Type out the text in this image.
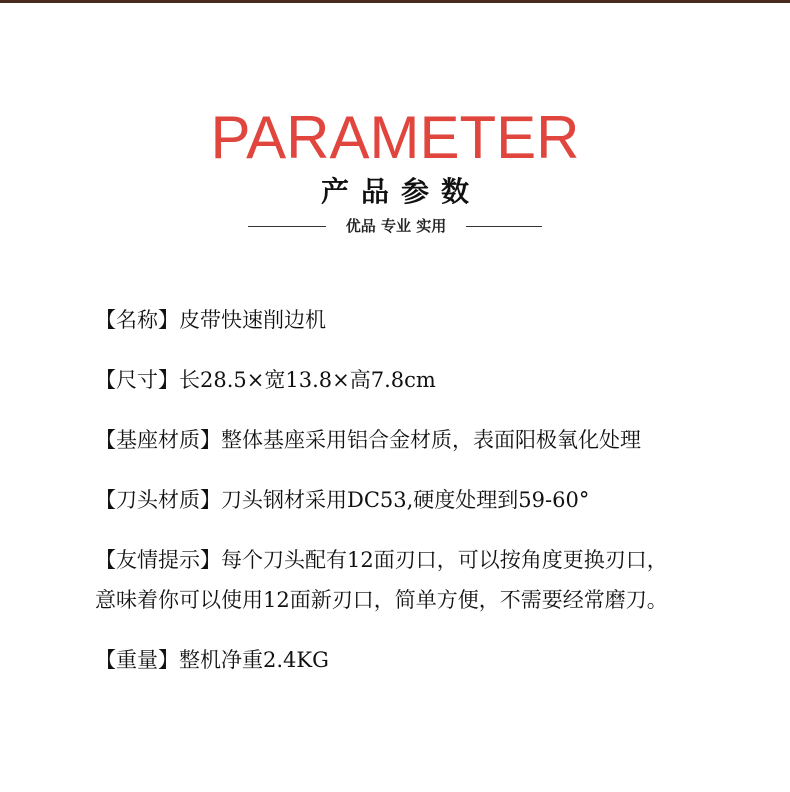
PARAMETER
产品参数
优品 专业 实用
【名称】皮带快速削边机
【尺寸】长28.5×宽13.8×高7.8cm
【基座材质】整体基座采用铝合金材质，表面阳极氧化处理
【刀头材质】刀头钢材采用DC53,硬度处理到59-60°
【友情提示】每个刀头配有12面刃口，可以按角度更换刃口，
意味着你可以使用12面新刃口，简单方便，不需要经常磨刀。
【重量】整机净重2.4KG
